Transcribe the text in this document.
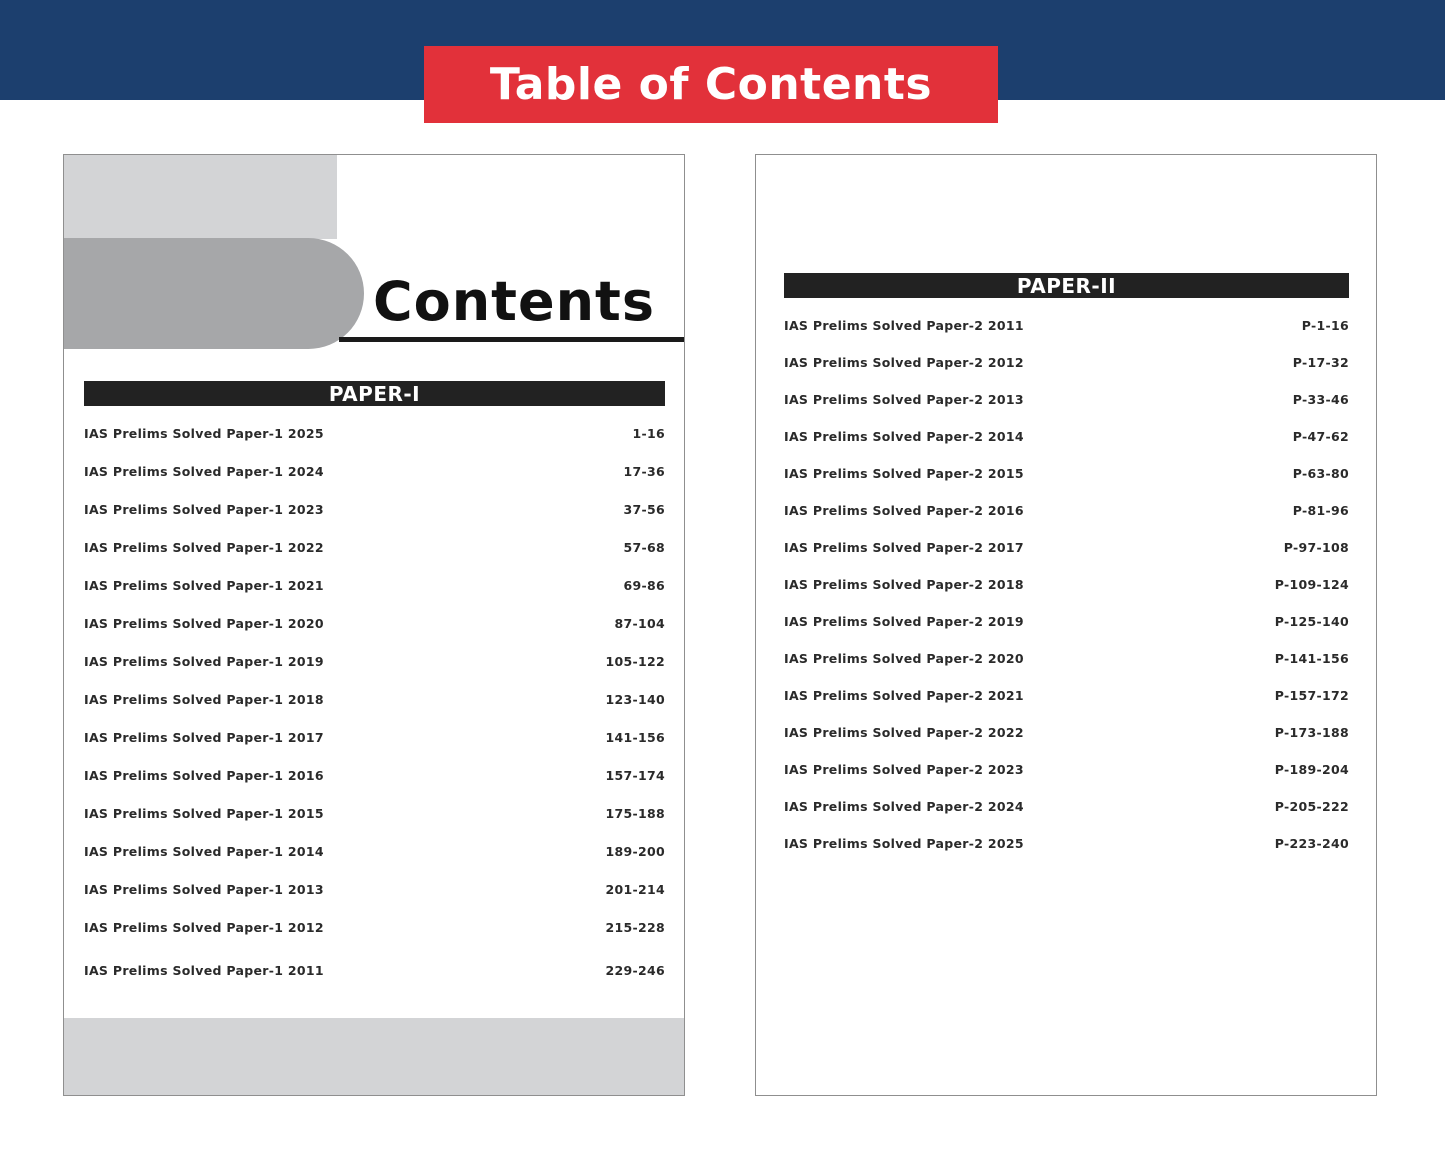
Table of Contents
Contents
PAPER-I
IAS Prelims Solved Paper-1 2025	1-16
IAS Prelims Solved Paper-1 2024	17-36
IAS Prelims Solved Paper-1 2023	37-56
IAS Prelims Solved Paper-1 2022	57-68
IAS Prelims Solved Paper-1 2021	69-86
IAS Prelims Solved Paper-1 2020	87-104
IAS Prelims Solved Paper-1 2019	105-122
IAS Prelims Solved Paper-1 2018	123-140
IAS Prelims Solved Paper-1 2017	141-156
IAS Prelims Solved Paper-1 2016	157-174
IAS Prelims Solved Paper-1 2015	175-188
IAS Prelims Solved Paper-1 2014	189-200
IAS Prelims Solved Paper-1 2013	201-214
IAS Prelims Solved Paper-1 2012	215-228
IAS Prelims Solved Paper-1 2011	229-246
PAPER-II
IAS Prelims Solved Paper-2 2011	P-1-16
IAS Prelims Solved Paper-2 2012	P-17-32
IAS Prelims Solved Paper-2 2013	P-33-46
IAS Prelims Solved Paper-2 2014	P-47-62
IAS Prelims Solved Paper-2 2015	P-63-80
IAS Prelims Solved Paper-2 2016	P-81-96
IAS Prelims Solved Paper-2 2017	P-97-108
IAS Prelims Solved Paper-2 2018	P-109-124
IAS Prelims Solved Paper-2 2019	P-125-140
IAS Prelims Solved Paper-2 2020	P-141-156
IAS Prelims Solved Paper-2 2021	P-157-172
IAS Prelims Solved Paper-2 2022	P-173-188
IAS Prelims Solved Paper-2 2023	P-189-204
IAS Prelims Solved Paper-2 2024	P-205-222
IAS Prelims Solved Paper-2 2025	P-223-240
